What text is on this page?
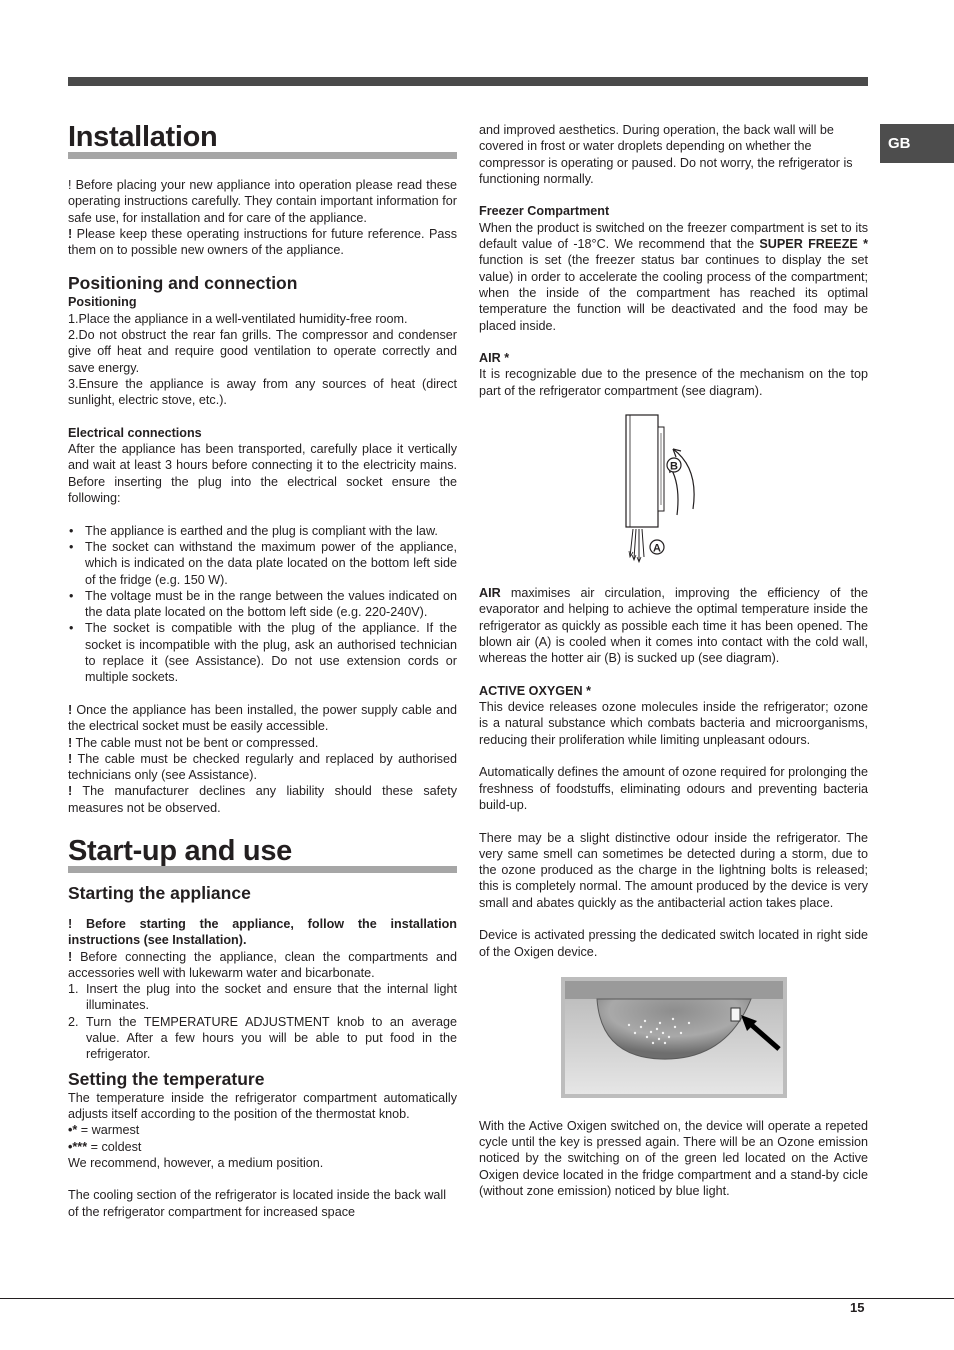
GB
Installation

! Before placing your new appliance into operation please read these operating instructions carefully. They contain important information for safe use, for installation and for care of the appliance.

! Please keep these operating instructions for future reference. Pass them on to possible new owners of the appliance.

Positioning and connection
Positioning

1.Place the appliance in a well-ventilated humidity-free room.

2.Do not obstruct the rear fan grills. The compressor and condenser give off heat and require good ventilation to operate correctly and save energy.

3.Ensure the appliance is away from any sources of heat (direct sunlight, electric stove, etc.).

Electrical connections

After the appliance has been transported, carefully place it vertically and wait at least 3 hours before connecting it to the electricity mains. Before inserting the plug into the electrical socket ensure the following:

• The appliance is earthed and the plug is compliant with the law.
• The socket can withstand the maximum power of the appliance, which is indicated on the data plate located on the bottom left side of the fridge (e.g. 150 W).
• The voltage must be in the range between the values indicated on the data plate located on the bottom left side (e.g. 220-240V).
• The socket is compatible with the plug of the appliance. If the socket is incompatible with the plug, ask an authorised technician to replace it (see Assistance). Do not use extension cords or multiple sockets.

! Once the appliance has been installed, the power supply cable and the electrical socket must be easily accessible.

! The cable must not be bent or compressed.

! The cable must be checked regularly and replaced by authorised technicians only (see Assistance).

! The manufacturer declines any liability should these safety measures not be observed.

Start-up and use
Starting the appliance

! Before starting the appliance, follow the installation instructions (see Installation).

! Before connecting the appliance, clean the compartments and accessories well with lukewarm water and bicarbonate.

1. Insert the plug into the socket and ensure that the internal light illuminates.
2. Turn the TEMPERATURE ADJUSTMENT knob to an average value. After a few hours you will be able to put food in the refrigerator.
Setting the temperature

The temperature inside the refrigerator compartment automatically adjusts itself according to the position of the thermostat knob.

•* = warmest

•*** = coldest

We recommend, however, a medium position.

The cooling section of the refrigerator is located inside the back wall of the refrigerator compartment for increased space

and improved aesthetics. During operation, the back wall will be covered in frost or water droplets depending on whether the compressor is operating or paused. Do not worry, the refrigerator is functioning normally.

Freezer Compartment

When the product is switched on the freezer compartment is set to its default value of -18°C. We recommend that the SUPER FREEZE * function is set (the freezer status bar continues to display the set value) in order to accelerate the cooling process of the compartment; when the inside of the compartment has reached its optimal temperature the function will be deactivated and the food may be placed inside.

AIR *

It is recognizable due to the presence of the mechanism on the top part of the refrigerator compartment (see diagram).

B
A

AIR maximises air circulation, improving the efficiency of the evaporator and helping to achieve the optimal temperature inside the refrigerator as quickly as possible each time it has been opened. The blown air (A) is cooled when it comes into contact with the cold wall, whereas the hotter air (B) is sucked up (see diagram).

ACTIVE OXYGEN *

This device releases ozone molecules inside the refrigerator; ozone is a natural substance which combats bacteria and microorganisms, reducing their proliferation while limiting unpleasant odours.

Automatically defines the amount of ozone required for prolonging the freshness of foodstuffs, eliminating odours and preventing bacteria build-up.

There may be a slight distinctive odour inside the refrigerator. The very same smell can sometimes be detected during a storm, due to the ozone produced as the charge in the lightning bolts is released; this is completely normal. The amount produced by the device is very small and abates quickly as the antibacterial action takes place.

Device is activated pressing the dedicated switch located in right side of the Oxigen device.

With the Active Oxigen switched on, the device will operate a repeted cycle until the key is pressed again. There will be an Ozone emission noticed by the switching on of the green led located on the Active Oxigen device located in the fridge compartment and a stand-by cicle (without zone emission) noticed by blue light.

15
